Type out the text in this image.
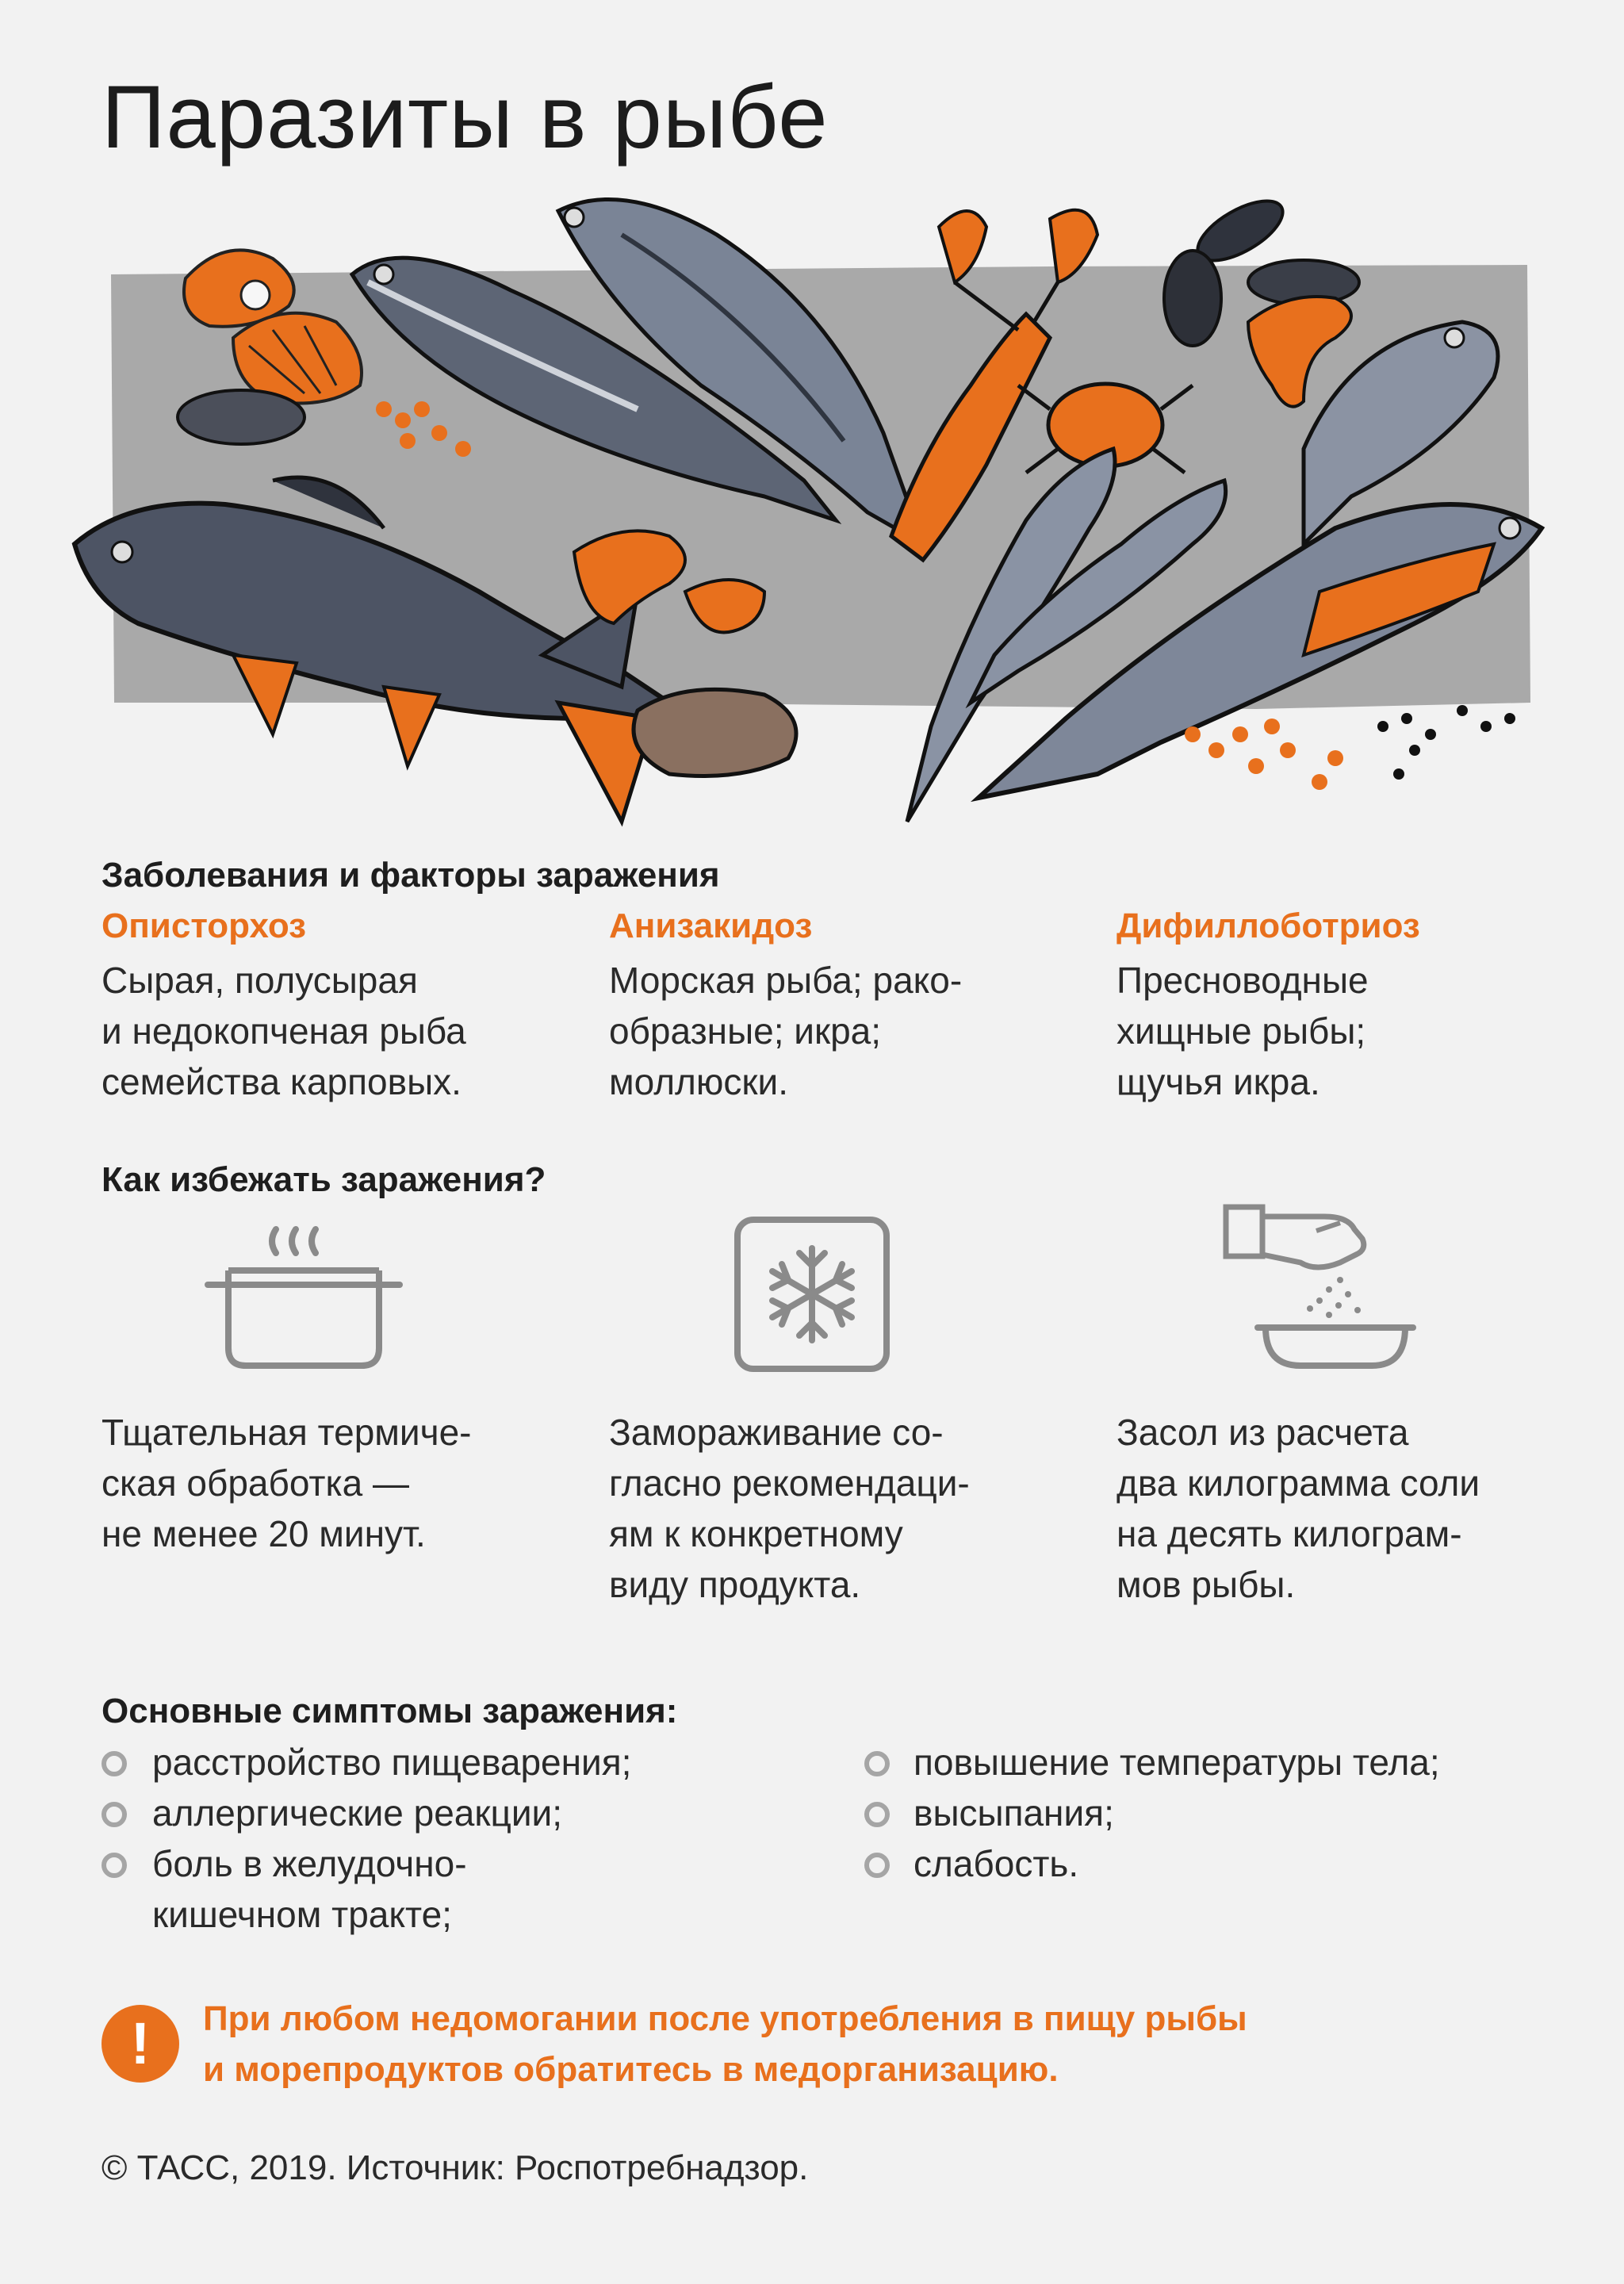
Паразиты в рыбе
Заболевания и факторы заражения
Описторхоз
Сырая, полусырая
и недокопченая рыба
семейства карповых.
Анизакидоз
Морская рыба; рако-
образные; икра;
моллюски.
Дифиллоботриоз
Пресноводные
хищные рыбы;
щучья икра.
Как избежать заражения?
Тщательная термиче-
ская обработка —
не менее 20 минут.
Замораживание со-
гласно рекомендаци-
ям к конкретному
виду продукта.
Засол из расчета
два килограмма соли
на десять килограм-
мов рыбы.
Основные симптомы заражения:
расстройство пищеварения;
аллергические реакции;
боль в желудочно-
кишечном тракте;
повышение температуры тела;
высыпания;
слабость.
!	При любом недомогании после употребления в пищу рыбы
и морепродуктов обратитесь в медорганизацию.
© ТАСС, 2019. Источник: Роспотребнадзор.
